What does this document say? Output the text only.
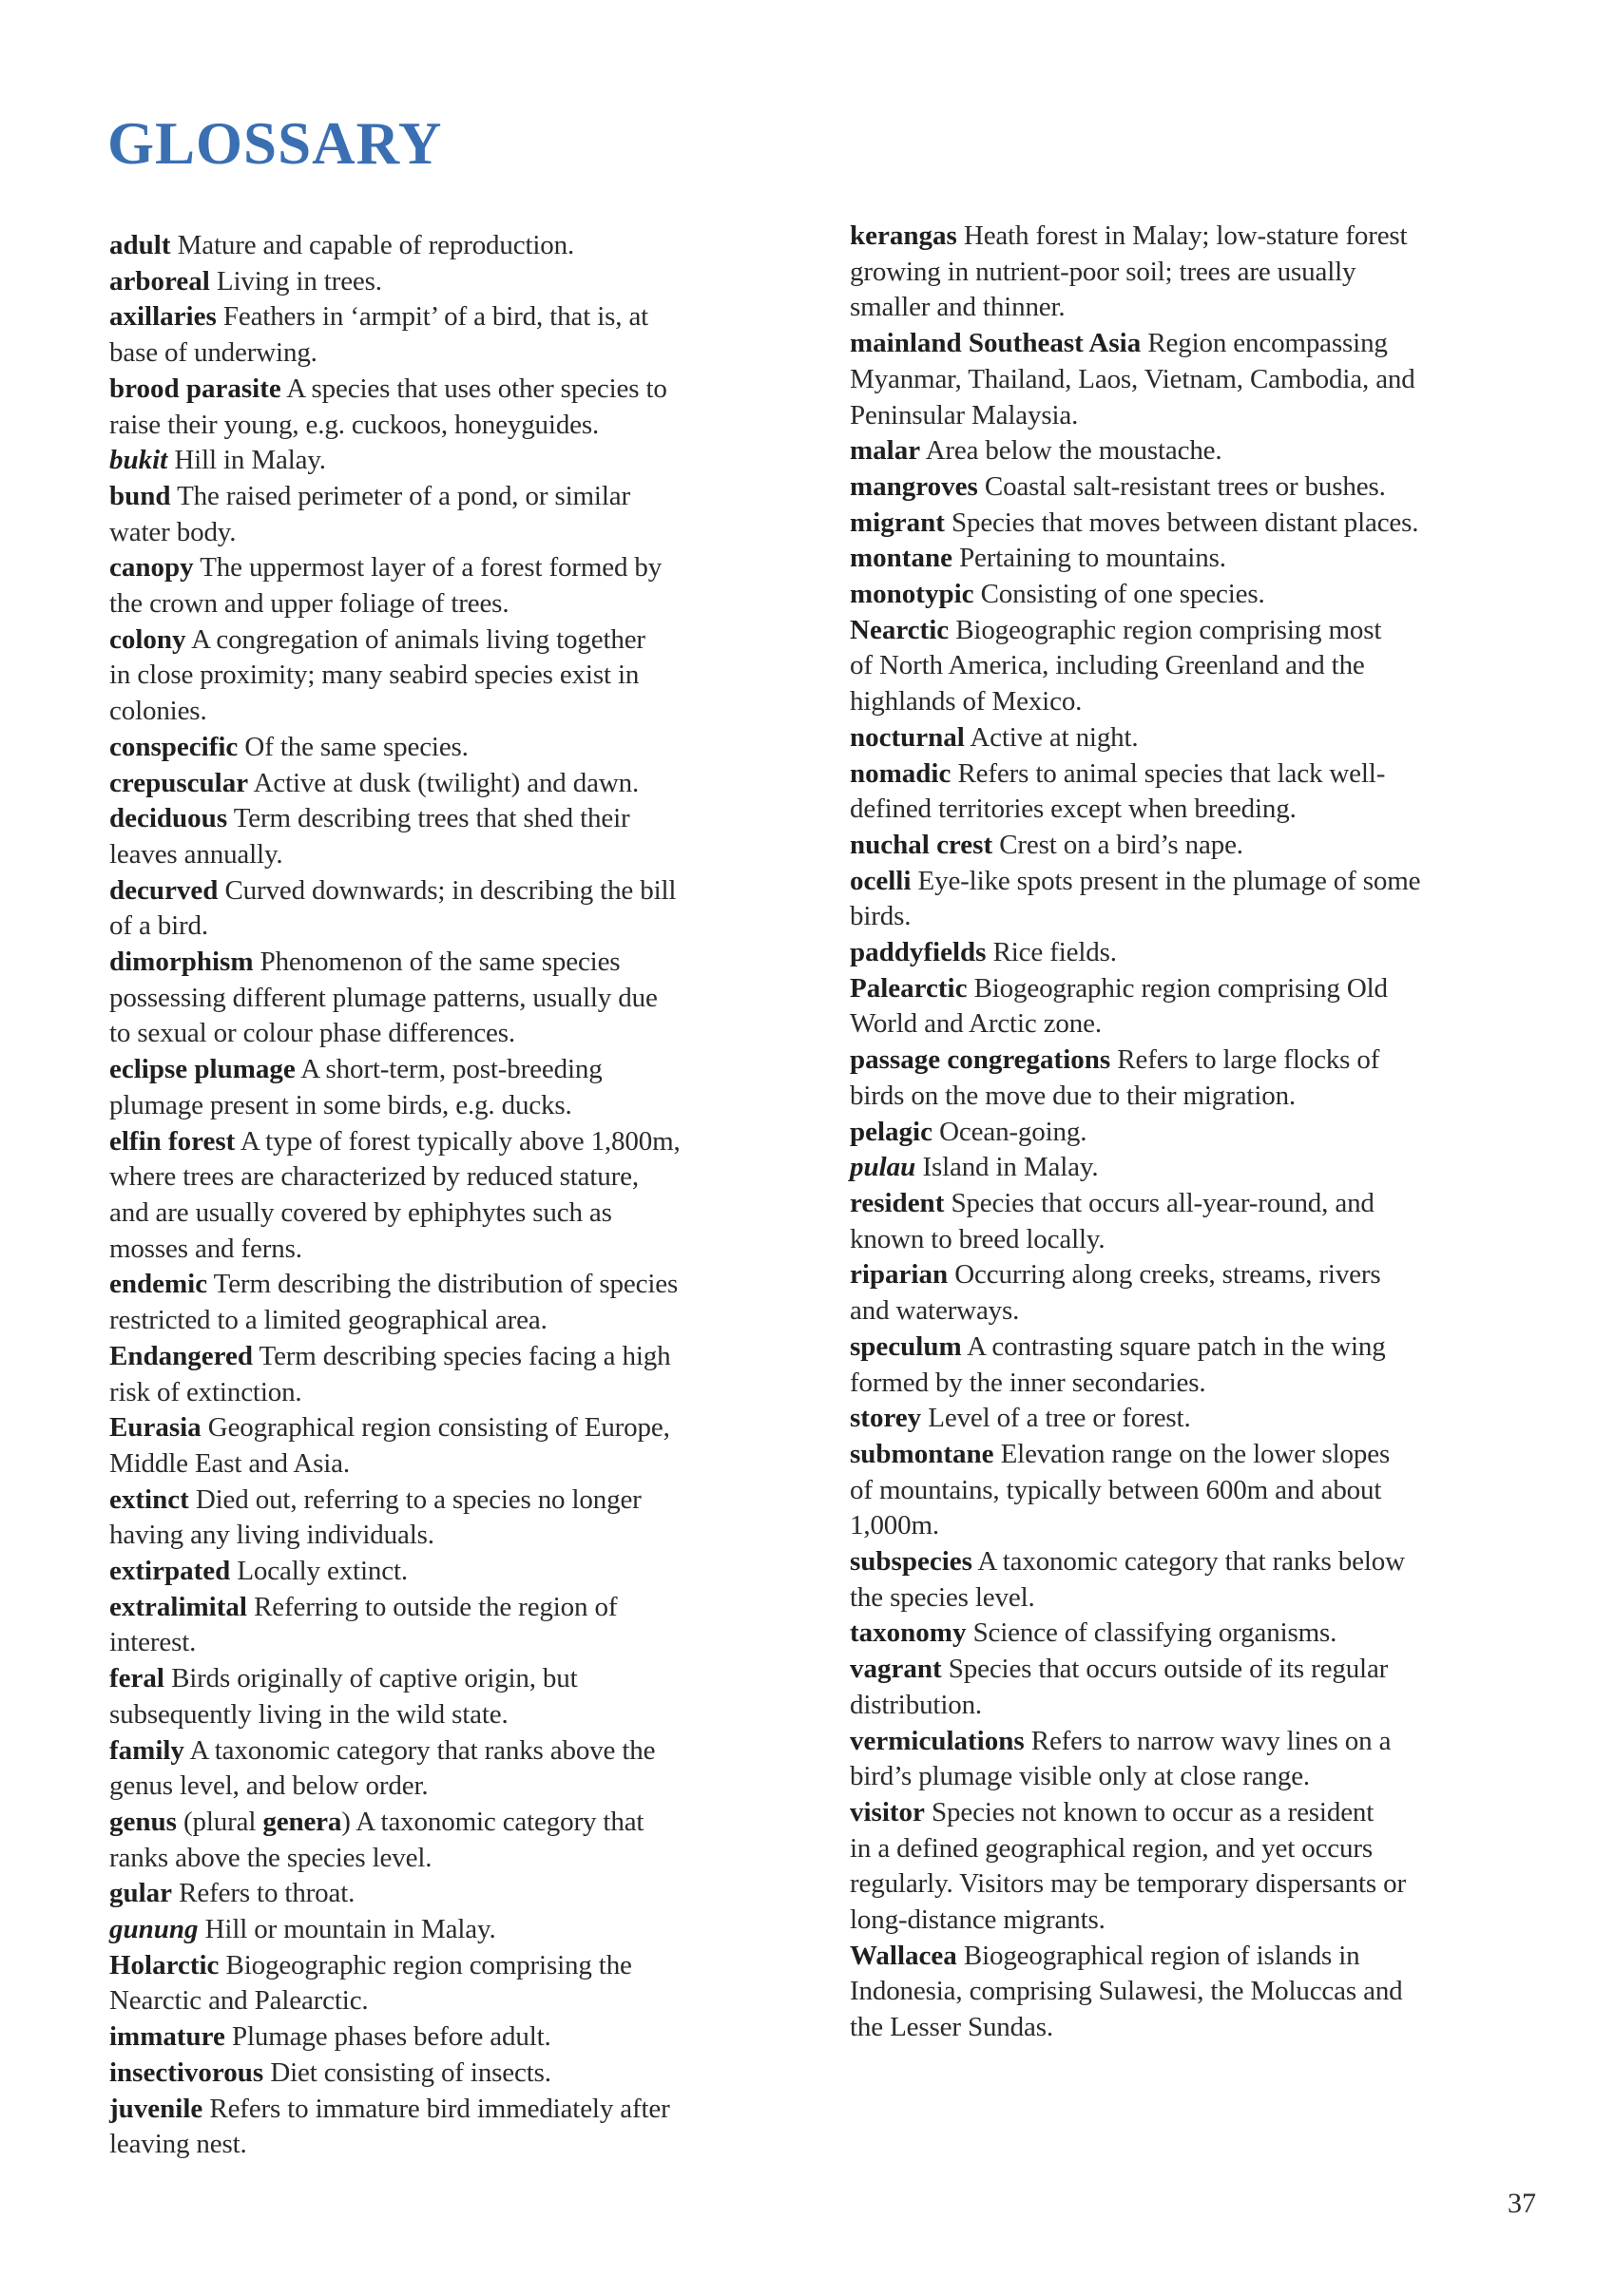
GLOSSARY
adult Mature and capable of reproduction.
arboreal Living in trees.
axillaries Feathers in ‘armpit’ of a bird, that is, at
base of underwing.
brood parasite A species that uses other species to
raise their young, e.g. cuckoos, honeyguides.
bukit Hill in Malay.
bund The raised perimeter of a pond, or similar
water body.
canopy The uppermost layer of a forest formed by
the crown and upper foliage of trees.
colony A congregation of animals living together
in close proximity; many seabird species exist in
colonies.
conspecific Of the same species.
crepuscular Active at dusk (twilight) and dawn.
deciduous Term describing trees that shed their
leaves annually.
decurved Curved downwards; in describing the bill
of a bird.
dimorphism Phenomenon of the same species
possessing different plumage patterns, usually due
to sexual or colour phase differences.
eclipse plumage A short-term, post-breeding
plumage present in some birds, e.g. ducks.
elfin forest A type of forest typically above 1,800m,
where trees are characterized by reduced stature,
and are usually covered by ephiphytes such as
mosses and ferns.
endemic Term describing the distribution of species
restricted to a limited geographical area.
Endangered Term describing species facing a high
risk of extinction.
Eurasia Geographical region consisting of Europe,
Middle East and Asia.
extinct Died out, referring to a species no longer
having any living individuals.
extirpated Locally extinct.
extralimital Referring to outside the region of
interest.
feral Birds originally of captive origin, but
subsequently living in the wild state.
family A taxonomic category that ranks above the
genus level, and below order.
genus (plural genera) A taxonomic category that
ranks above the species level.
gular Refers to throat.
gunung Hill or mountain in Malay.
Holarctic Biogeographic region comprising the
Nearctic and Palearctic.
immature Plumage phases before adult.
insectivorous Diet consisting of insects.
juvenile Refers to immature bird immediately after
leaving nest.
kerangas Heath forest in Malay; low-stature forest
growing in nutrient-poor soil; trees are usually
smaller and thinner.
mainland Southeast Asia Region encompassing
Myanmar, Thailand, Laos, Vietnam, Cambodia, and
Peninsular Malaysia.
malar Area below the moustache.
mangroves Coastal salt-resistant trees or bushes.
migrant Species that moves between distant places.
montane Pertaining to mountains.
monotypic Consisting of one species.
Nearctic Biogeographic region comprising most
of North America, including Greenland and the
highlands of Mexico.
nocturnal Active at night.
nomadic Refers to animal species that lack well-
defined territories except when breeding.
nuchal crest Crest on a bird’s nape.
ocelli Eye-like spots present in the plumage of some
birds.
paddyfields Rice fields.
Palearctic Biogeographic region comprising Old
World and Arctic zone.
passage congregations Refers to large flocks of
birds on the move due to their migration.
pelagic Ocean-going.
pulau Island in Malay.
resident Species that occurs all-year-round, and
known to breed locally.
riparian Occurring along creeks, streams, rivers
and waterways.
speculum A contrasting square patch in the wing
formed by the inner secondaries.
storey Level of a tree or forest.
submontane Elevation range on the lower slopes
of mountains, typically between 600m and about
1,000m.
subspecies A taxonomic category that ranks below
the species level.
taxonomy Science of classifying organisms.
vagrant Species that occurs outside of its regular
distribution.
vermiculations Refers to narrow wavy lines on a
bird’s plumage visible only at close range.
visitor Species not known to occur as a resident
in a defined geographical region, and yet occurs
regularly. Visitors may be temporary dispersants or
long-distance migrants.
Wallacea Biogeographical region of islands in
Indonesia, comprising Sulawesi, the Moluccas and
the Lesser Sundas.
37
